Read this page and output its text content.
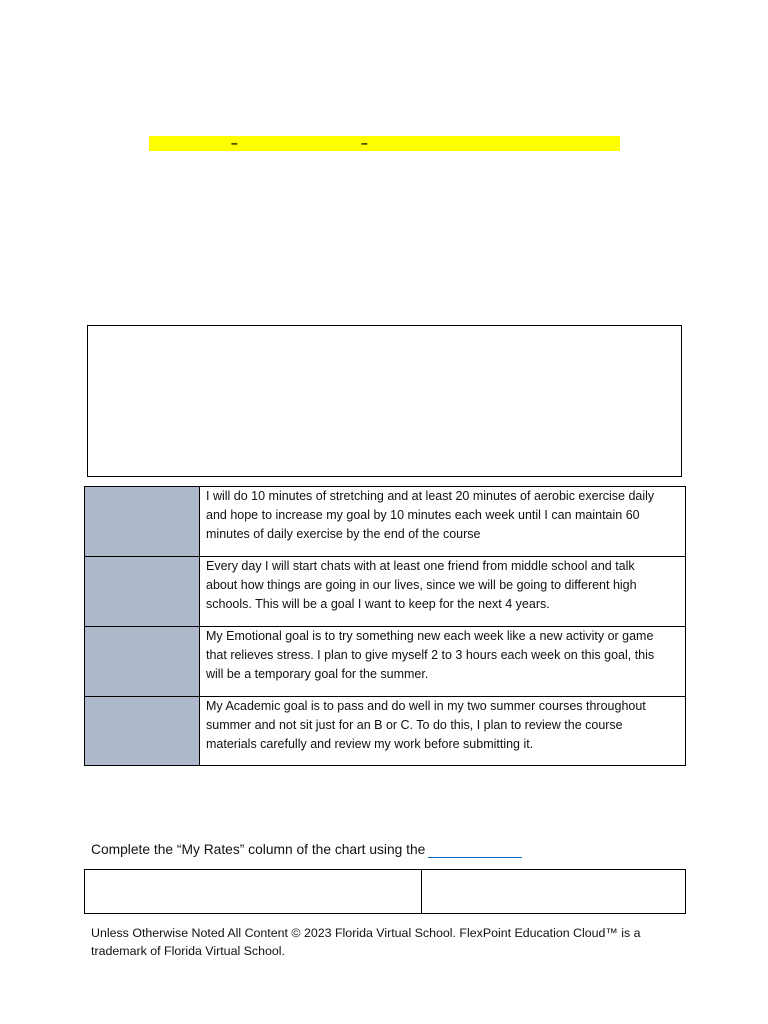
–	–
I will do 10 minutes of stretching and at least 20 minutes of aerobic exercise daily and hope to increase my goal by 10 minutes each week until I can maintain 60 minutes of daily exercise by the end of the course
Every day I will start chats with at least one friend from middle school and talk about how things are going in our lives, since we will be going to different high schools. This will be a goal I want to keep for the next 4 years.
My Emotional goal is to try something new each week like a new activity or game that relieves stress. I plan to give myself 2 to 3 hours each week on this goal, this will be a temporary goal for the summer.
My Academic goal is to pass and do well in my two summer courses throughout summer and not sit just for an B or C. To do this, I plan to review the course materials carefully and review my work before submitting it.
Complete the “My Rates” column of the chart using the
Unless Otherwise Noted All Content © 2023 Florida Virtual School. FlexPoint Education Cloud™ is a trademark of Florida Virtual School.
